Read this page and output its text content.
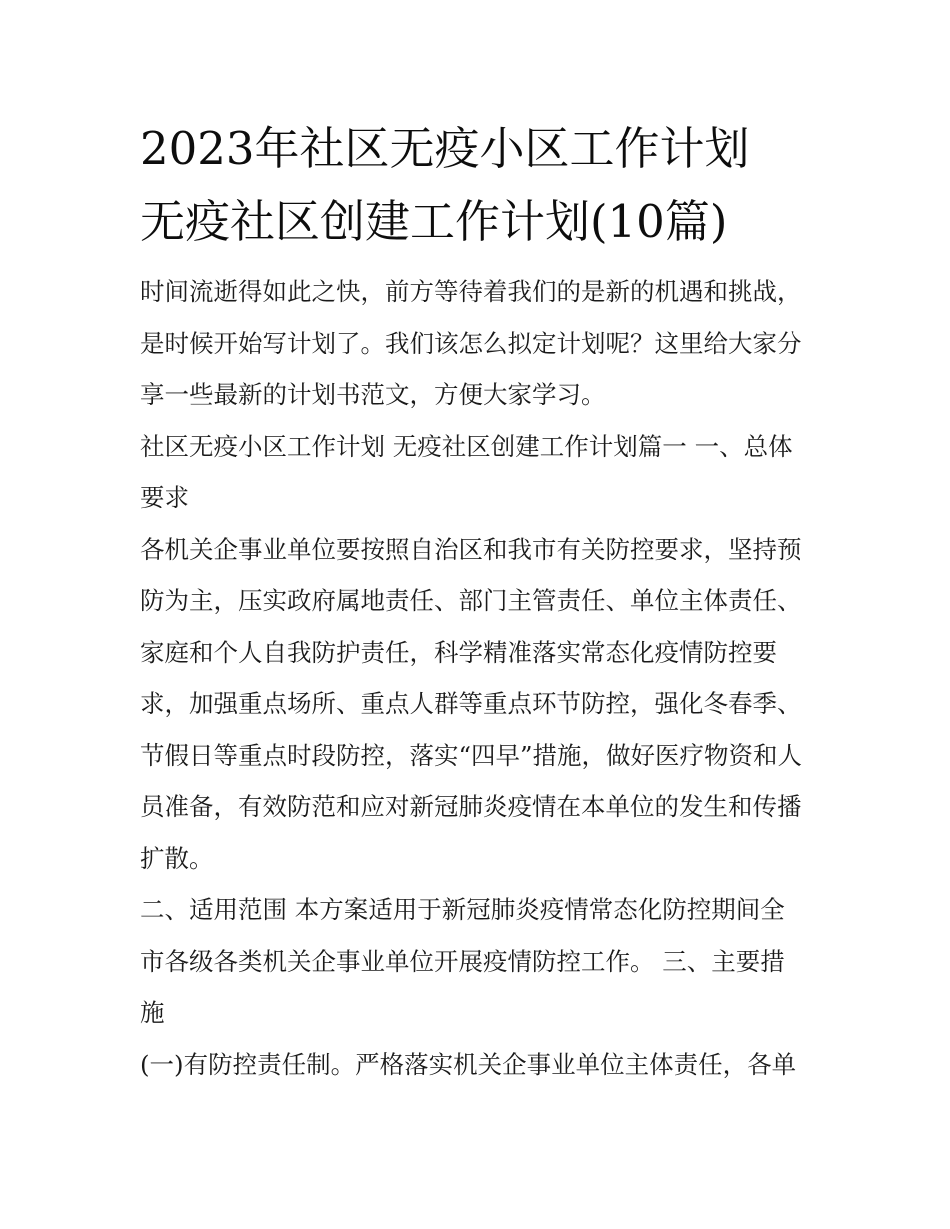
2023年社区无疫小区工作计划
无疫社区创建工作计划(10篇)

时间流逝得如此之快，前方等待着我们的是新的机遇和挑战，
是时候开始写计划了。我们该怎么拟定计划呢？这里给大家分
享一些最新的计划书范文，方便大家学习。

社区无疫小区工作计划 无疫社区创建工作计划篇一 一、总体
要求

各机关企事业单位要按照自治区和我市有关防控要求，坚持预
防为主，压实政府属地责任、部门主管责任、单位主体责任、
家庭和个人自我防护责任，科学精准落实常态化疫情防控要
求，加强重点场所、重点人群等重点环节防控，强化冬春季、
节假日等重点时段防控，落实“四早”措施，做好医疗物资和人
员准备，有效防范和应对新冠肺炎疫情在本单位的发生和传播
扩散。

二、适用范围 本方案适用于新冠肺炎疫情常态化防控期间全
市各级各类机关企事业单位开展疫情防控工作。 三、主要措
施

(一)有防控责任制。严格落实机关企事业单位主体责任，各单
